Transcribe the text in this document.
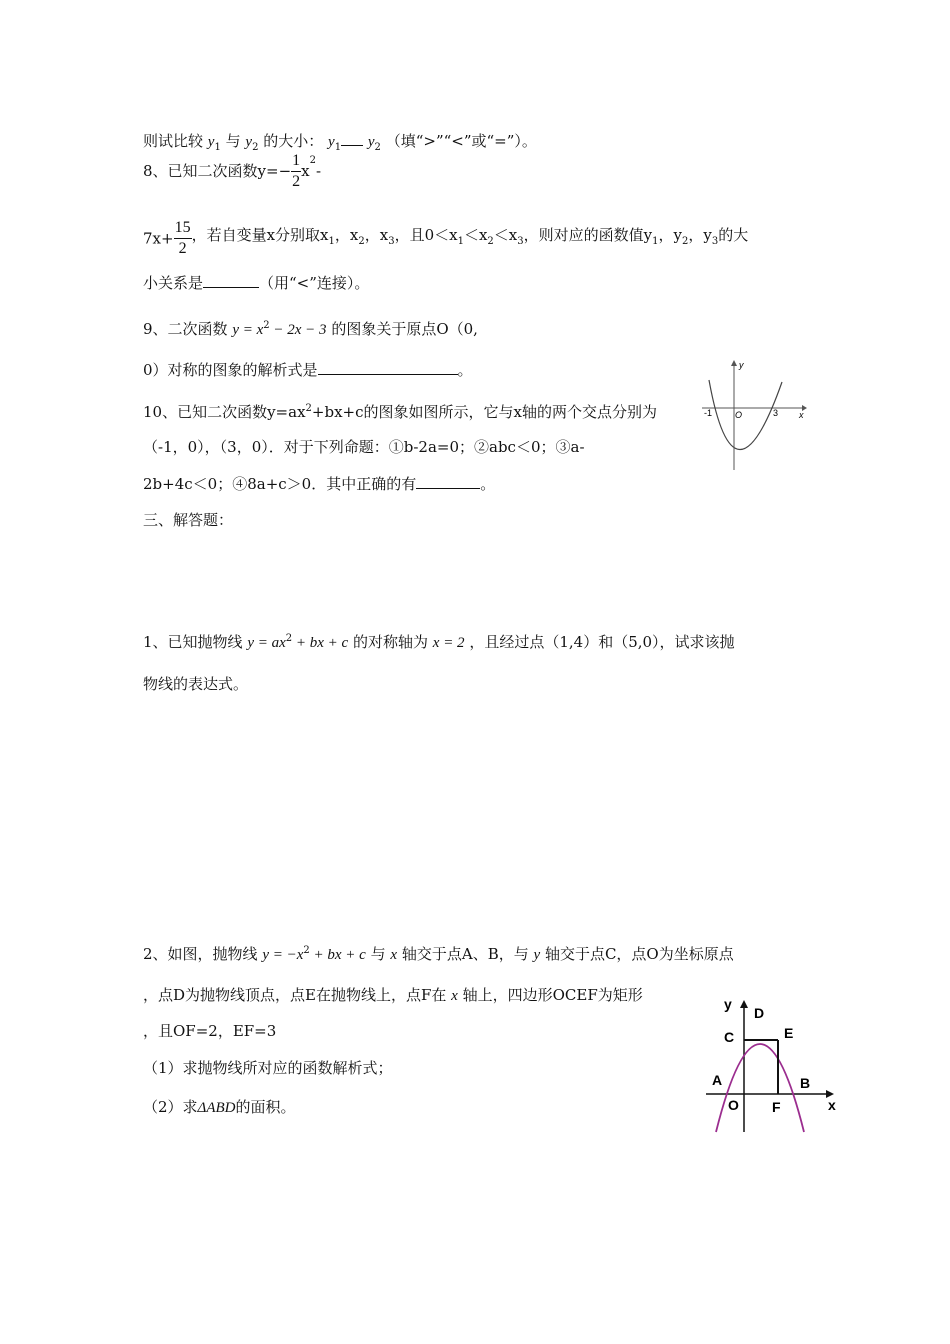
则试比较 $y_1$ 与 $y_2$ 的大小： $y_1$ $y_2$ （填“>”“<”或“=”）。
8、已知二次函数$y=- \frac{1}{2} x^2-$
$7x+ \frac{15}{2}$ ，若自变量x分别取$x_1$，$x_2$，$x_3$，且$0<x_1<x_2<x_3$，则对应的函数值$y_1$，$y_2$，$y_3$的大
小关系是	（用“<”连接）。
9、二次函数 $y = x^2 - 2x - 3$ 的图象关于原点O（0,
0）对称的图象的解析式是	。
10、已知二次函数$y=ax^2+bx+c$的图象如图所示，它与x轴的两个交点分别为
（-1，0），（3，0）．对于下列命题：①b-2a=0；②abc＜0；③a-
2b+4c＜0；④8a+c＞0．其中正确的有	。
y
x
O
-1	3
三、解答题：
1、已知抛物线 $y = ax^2$ + bx + c 的对称轴为 x = 2 ，且经过点（1,4）和（5,0），试求该抛
物线的表达式。
2、如图，抛物线 $y = -x^2$ + bx + c 与 x 轴交于点A、B，与 y 轴交于点C，点O为坐标原点
，点D为抛物线顶点，点E在抛物线上，点F在 x 轴上，四边形OCEF为矩形
，且OF=2，EF=3
（1）求抛物线所对应的函数解析式；
（2）求ΔABD的面积。
y
D
C	E
A	B
O F	x
